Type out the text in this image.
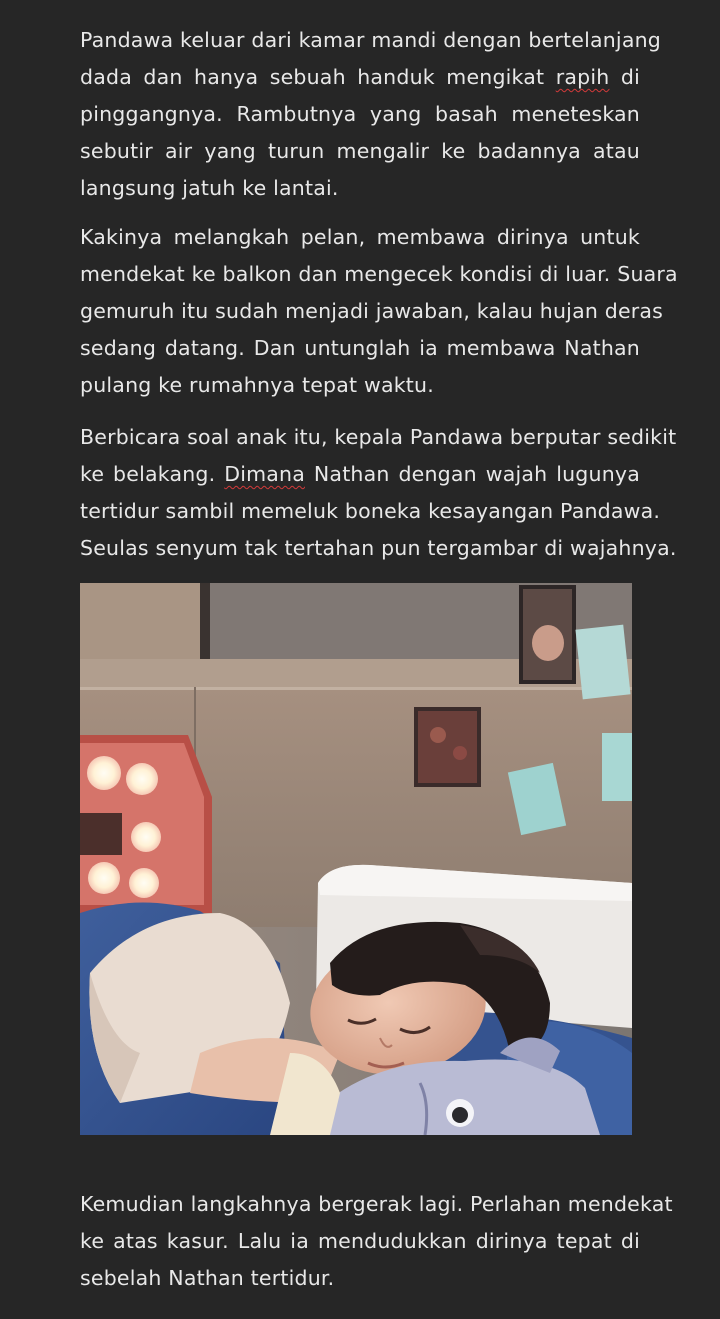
Pandawa keluar dari kamar mandi dengan bertelanjang
dada dan hanya sebuah handuk mengikat rapih di
pinggangnya. Rambutnya yang basah meneteskan
sebutir air yang turun mengalir ke badannya atau
langsung jatuh ke lantai.
Kakinya melangkah pelan, membawa dirinya untuk
mendekat ke balkon dan mengecek kondisi di luar. Suara
gemuruh itu sudah menjadi jawaban, kalau hujan deras
sedang datang. Dan untunglah ia membawa Nathan
pulang ke rumahnya tepat waktu.
Berbicara soal anak itu, kepala Pandawa berputar sedikit
ke belakang. Dimana Nathan dengan wajah lugunya
tertidur sambil memeluk boneka kesayangan Pandawa.
Seulas senyum tak tertahan pun tergambar di wajahnya.
Kemudian langkahnya bergerak lagi. Perlahan mendekat
ke atas kasur. Lalu ia mendudukkan dirinya tepat di
sebelah Nathan tertidur.
